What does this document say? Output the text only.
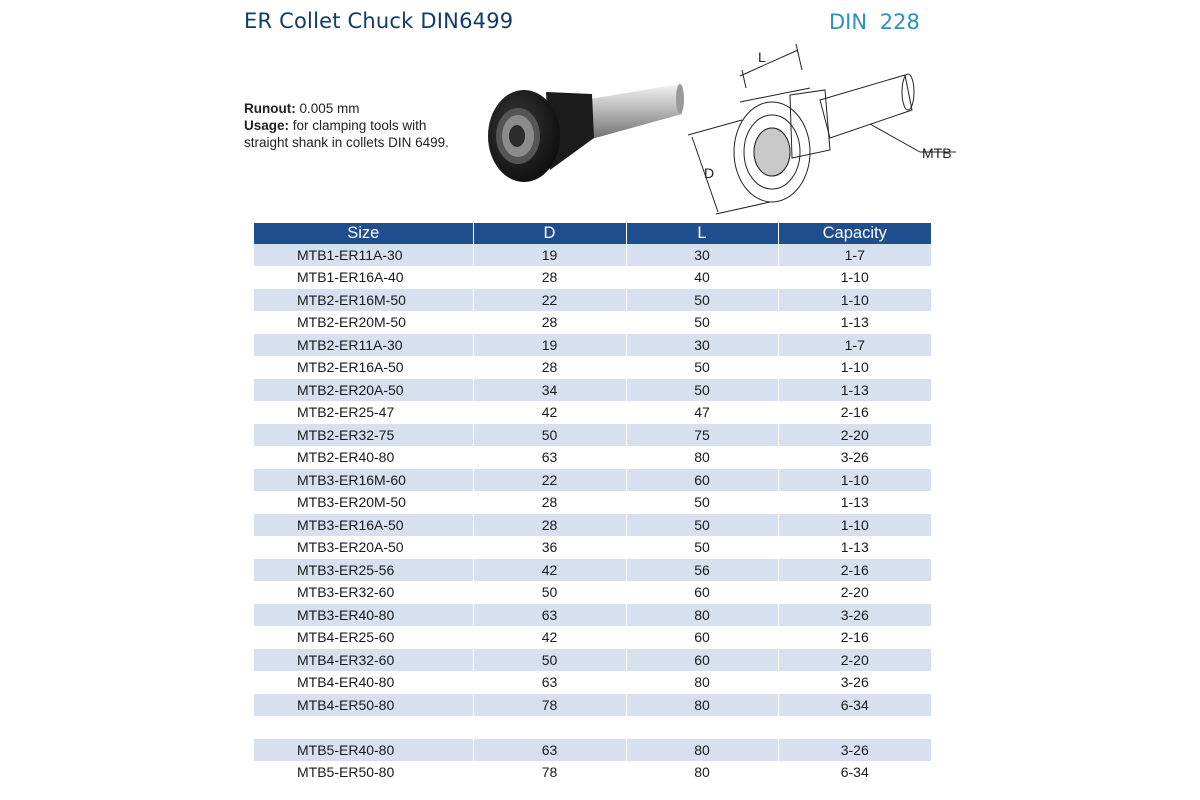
ER Collet Chuck DIN6499	DIN 228
Runout: 0.005 mm
Usage: for clamping tools with straight shank in collets DIN 6499.
L
D
MTB
Size	D	L	Capacity
MTB1-ER11A-30	19	30	1-7
MTB1-ER16A-40	28	40	1-10
MTB2-ER16M-50	22	50	1-10
MTB2-ER20M-50	28	50	1-13
MTB2-ER11A-30	19	30	1-7
MTB2-ER16A-50	28	50	1-10
MTB2-ER20A-50	34	50	1-13
MTB2-ER25-47	42	47	2-16
MTB2-ER32-75	50	75	2-20
MTB2-ER40-80	63	80	3-26
MTB3-ER16M-60	22	60	1-10
MTB3-ER20M-50	28	50	1-13
MTB3-ER16A-50	28	50	1-10
MTB3-ER20A-50	36	50	1-13
MTB3-ER25-56	42	56	2-16
MTB3-ER32-60	50	60	2-20
MTB3-ER40-80	63	80	3-26
MTB4-ER25-60	42	60	2-16
MTB4-ER32-60	50	60	2-20
MTB4-ER40-80	63	80	3-26
MTB4-ER50-80	78	80	6-34

MTB5-ER40-80	63	80	3-26
MTB5-ER50-80	78	80	6-34
